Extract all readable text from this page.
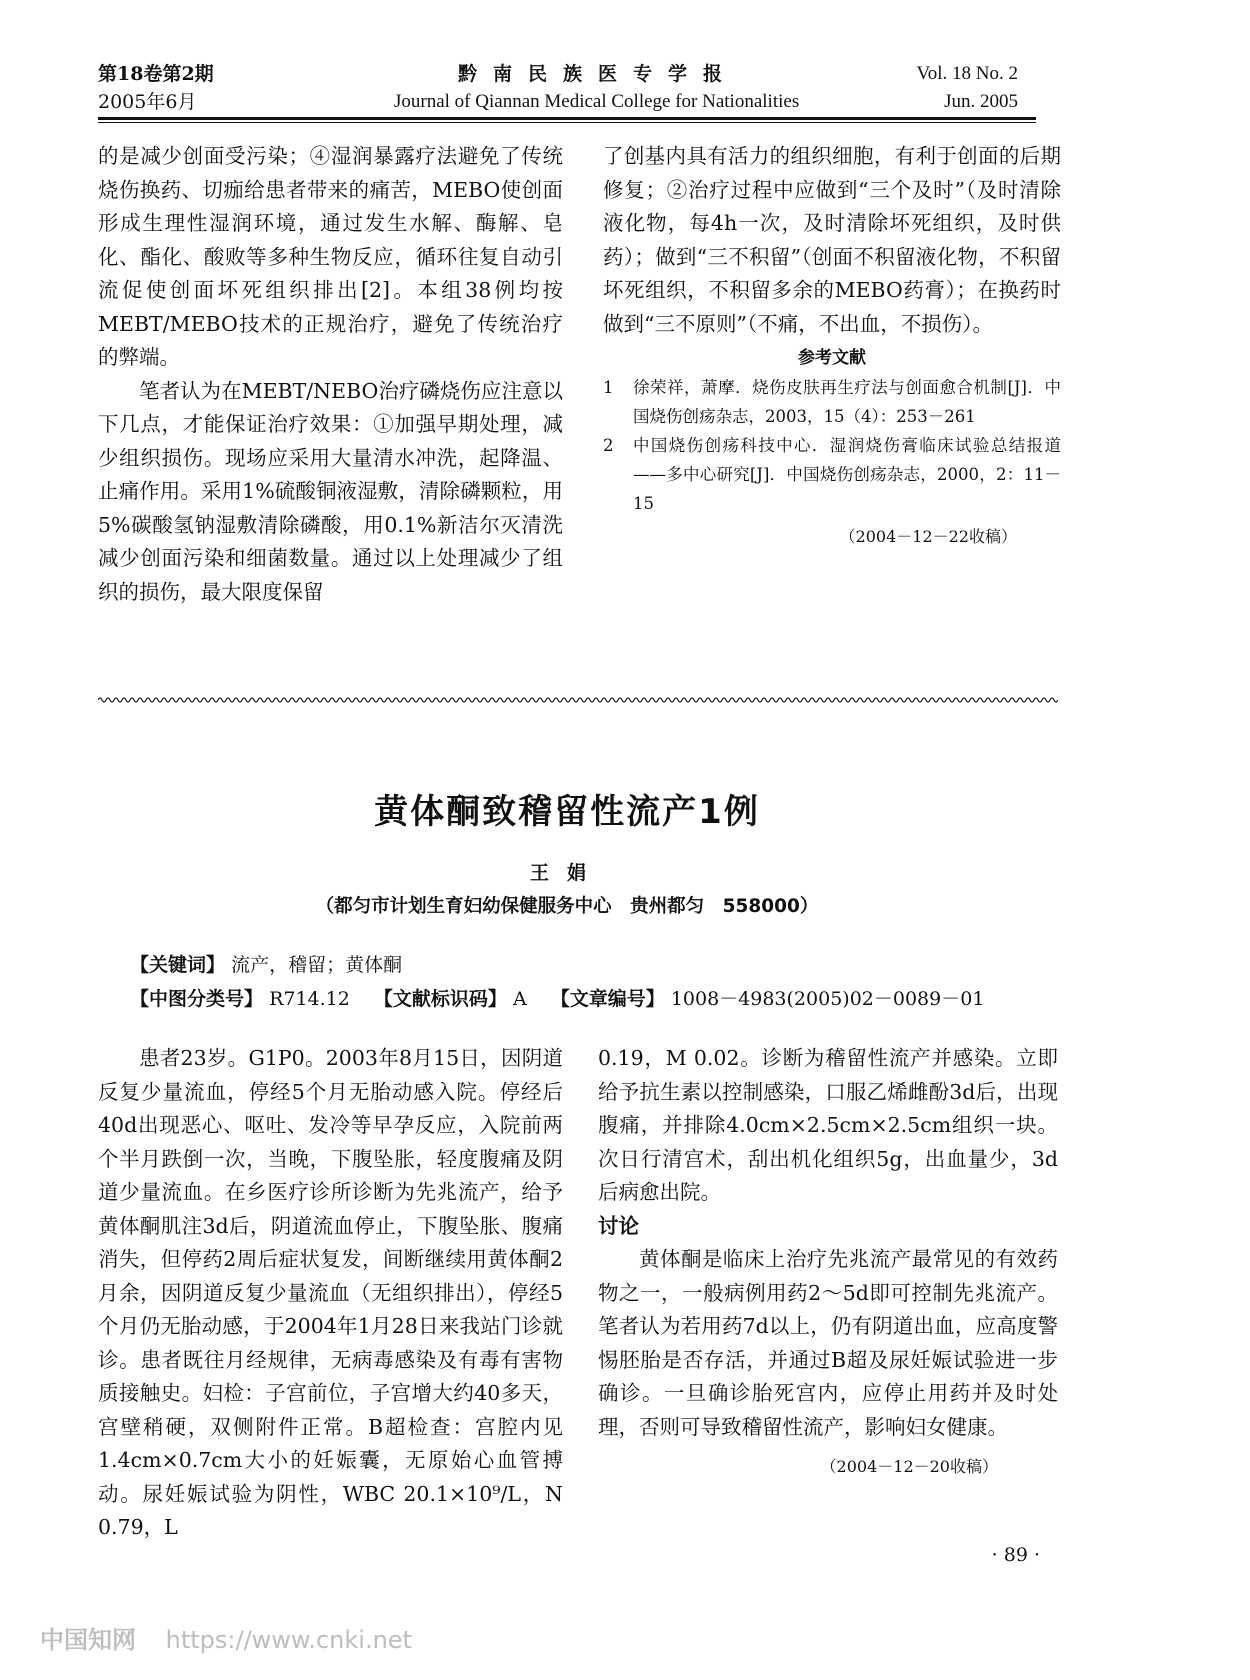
第18卷第2期
2005年6月
黔南民族医专学报
Journal of Qiannan Medical College for Nationalities
Vol. 18 No. 2
Jun. 2005

的是减少创面受污染；④湿润暴露疗法避免了传统烧伤换药、切痂给患者带来的痛苦，MEBO使创面形成生理性湿润环境，通过发生水解、酶解、皂化、酯化、酸败等多种生物反应，循环往复自动引流促使创面坏死组织排出[2]。本组38例均按MEBT/MEBO技术的正规治疗，避免了传统治疗的弊端。

笔者认为在MEBT/NEBO治疗磷烧伤应注意以下几点，才能保证治疗效果：①加强早期处理，减少组织损伤。现场应采用大量清水冲洗，起降温、止痛作用。采用1%硫酸铜液湿敷，清除磷颗粒，用5%碳酸氢钠湿敷清除磷酸，用0.1%新洁尔灭清洗减少创面污染和细菌数量。通过以上处理减少了组织的损伤，最大限度保留

了创基内具有活力的组织细胞，有利于创面的后期修复；②治疗过程中应做到“三个及时”（及时清除液化物，每4h一次，及时清除坏死组织，及时供药）；做到“三不积留”（创面不积留液化物，不积留坏死组织，不积留多余的MEBO药膏）；在换药时做到“三不原则”（不痛，不出血，不损伤）。

参考文献
1	徐荣祥，萧摩．烧伤皮肤再生疗法与创面愈合机制[J]．中国烧伤创疡杂志，2003，15（4）：253－261
2	中国烧伤创疡科技中心．湿润烧伤膏临床试验总结报道——多中心研究[J]．中国烧伤创疡杂志，2000，2：11－15
（2004－12－22收稿）
黄体酮致稽留性流产1例
王娟
（都匀市计划生育妇幼保健服务中心　贵州都匀　558000）
【关键词】 流产，稽留；黄体酮
【中图分类号】 R714.12 【文献标识码】 A 【文章编号】 1008－4983(2005)02－0089－01

患者23岁。G1P0。2003年8月15日，因阴道反复少量流血，停经5个月无胎动感入院。停经后40d出现恶心、呕吐、发冷等早孕反应，入院前两个半月跌倒一次，当晚，下腹坠胀，轻度腹痛及阴道少量流血。在乡医疗诊所诊断为先兆流产，给予黄体酮肌注3d后，阴道流血停止，下腹坠胀、腹痛消失，但停药2周后症状复发，间断继续用黄体酮2月余，因阴道反复少量流血（无组织排出），停经5个月仍无胎动感，于2004年1月28日来我站门诊就诊。患者既往月经规律，无病毒感染及有毒有害物质接触史。妇检：子宫前位，子宫增大约40多天，宫壁稍硬，双侧附件正常。B超检查：宫腔内见1.4cm×0.7cm大小的妊娠囊，无原始心血管搏动。尿妊娠试验为阴性，WBC 20.1×10⁹/L，N 0.79，L

0.19，M 0.02。诊断为稽留性流产并感染。立即给予抗生素以控制感染，口服乙烯雌酚3d后，出现腹痛，并排除4.0cm×2.5cm×2.5cm组织一块。次日行清宫术，刮出机化组织5g，出血量少，3d后病愈出院。

讨论

黄体酮是临床上治疗先兆流产最常见的有效药物之一，一般病例用药2～5d即可控制先兆流产。笔者认为若用药7d以上，仍有阴道出血，应高度警惕胚胎是否存活，并通过B超及尿妊娠试验进一步确诊。一旦确诊胎死宫内，应停止用药并及时处理，否则可导致稽留性流产，影响妇女健康。

（2004－12－20收稿）
· 89 ·
中国知网 https://www.cnki.net
